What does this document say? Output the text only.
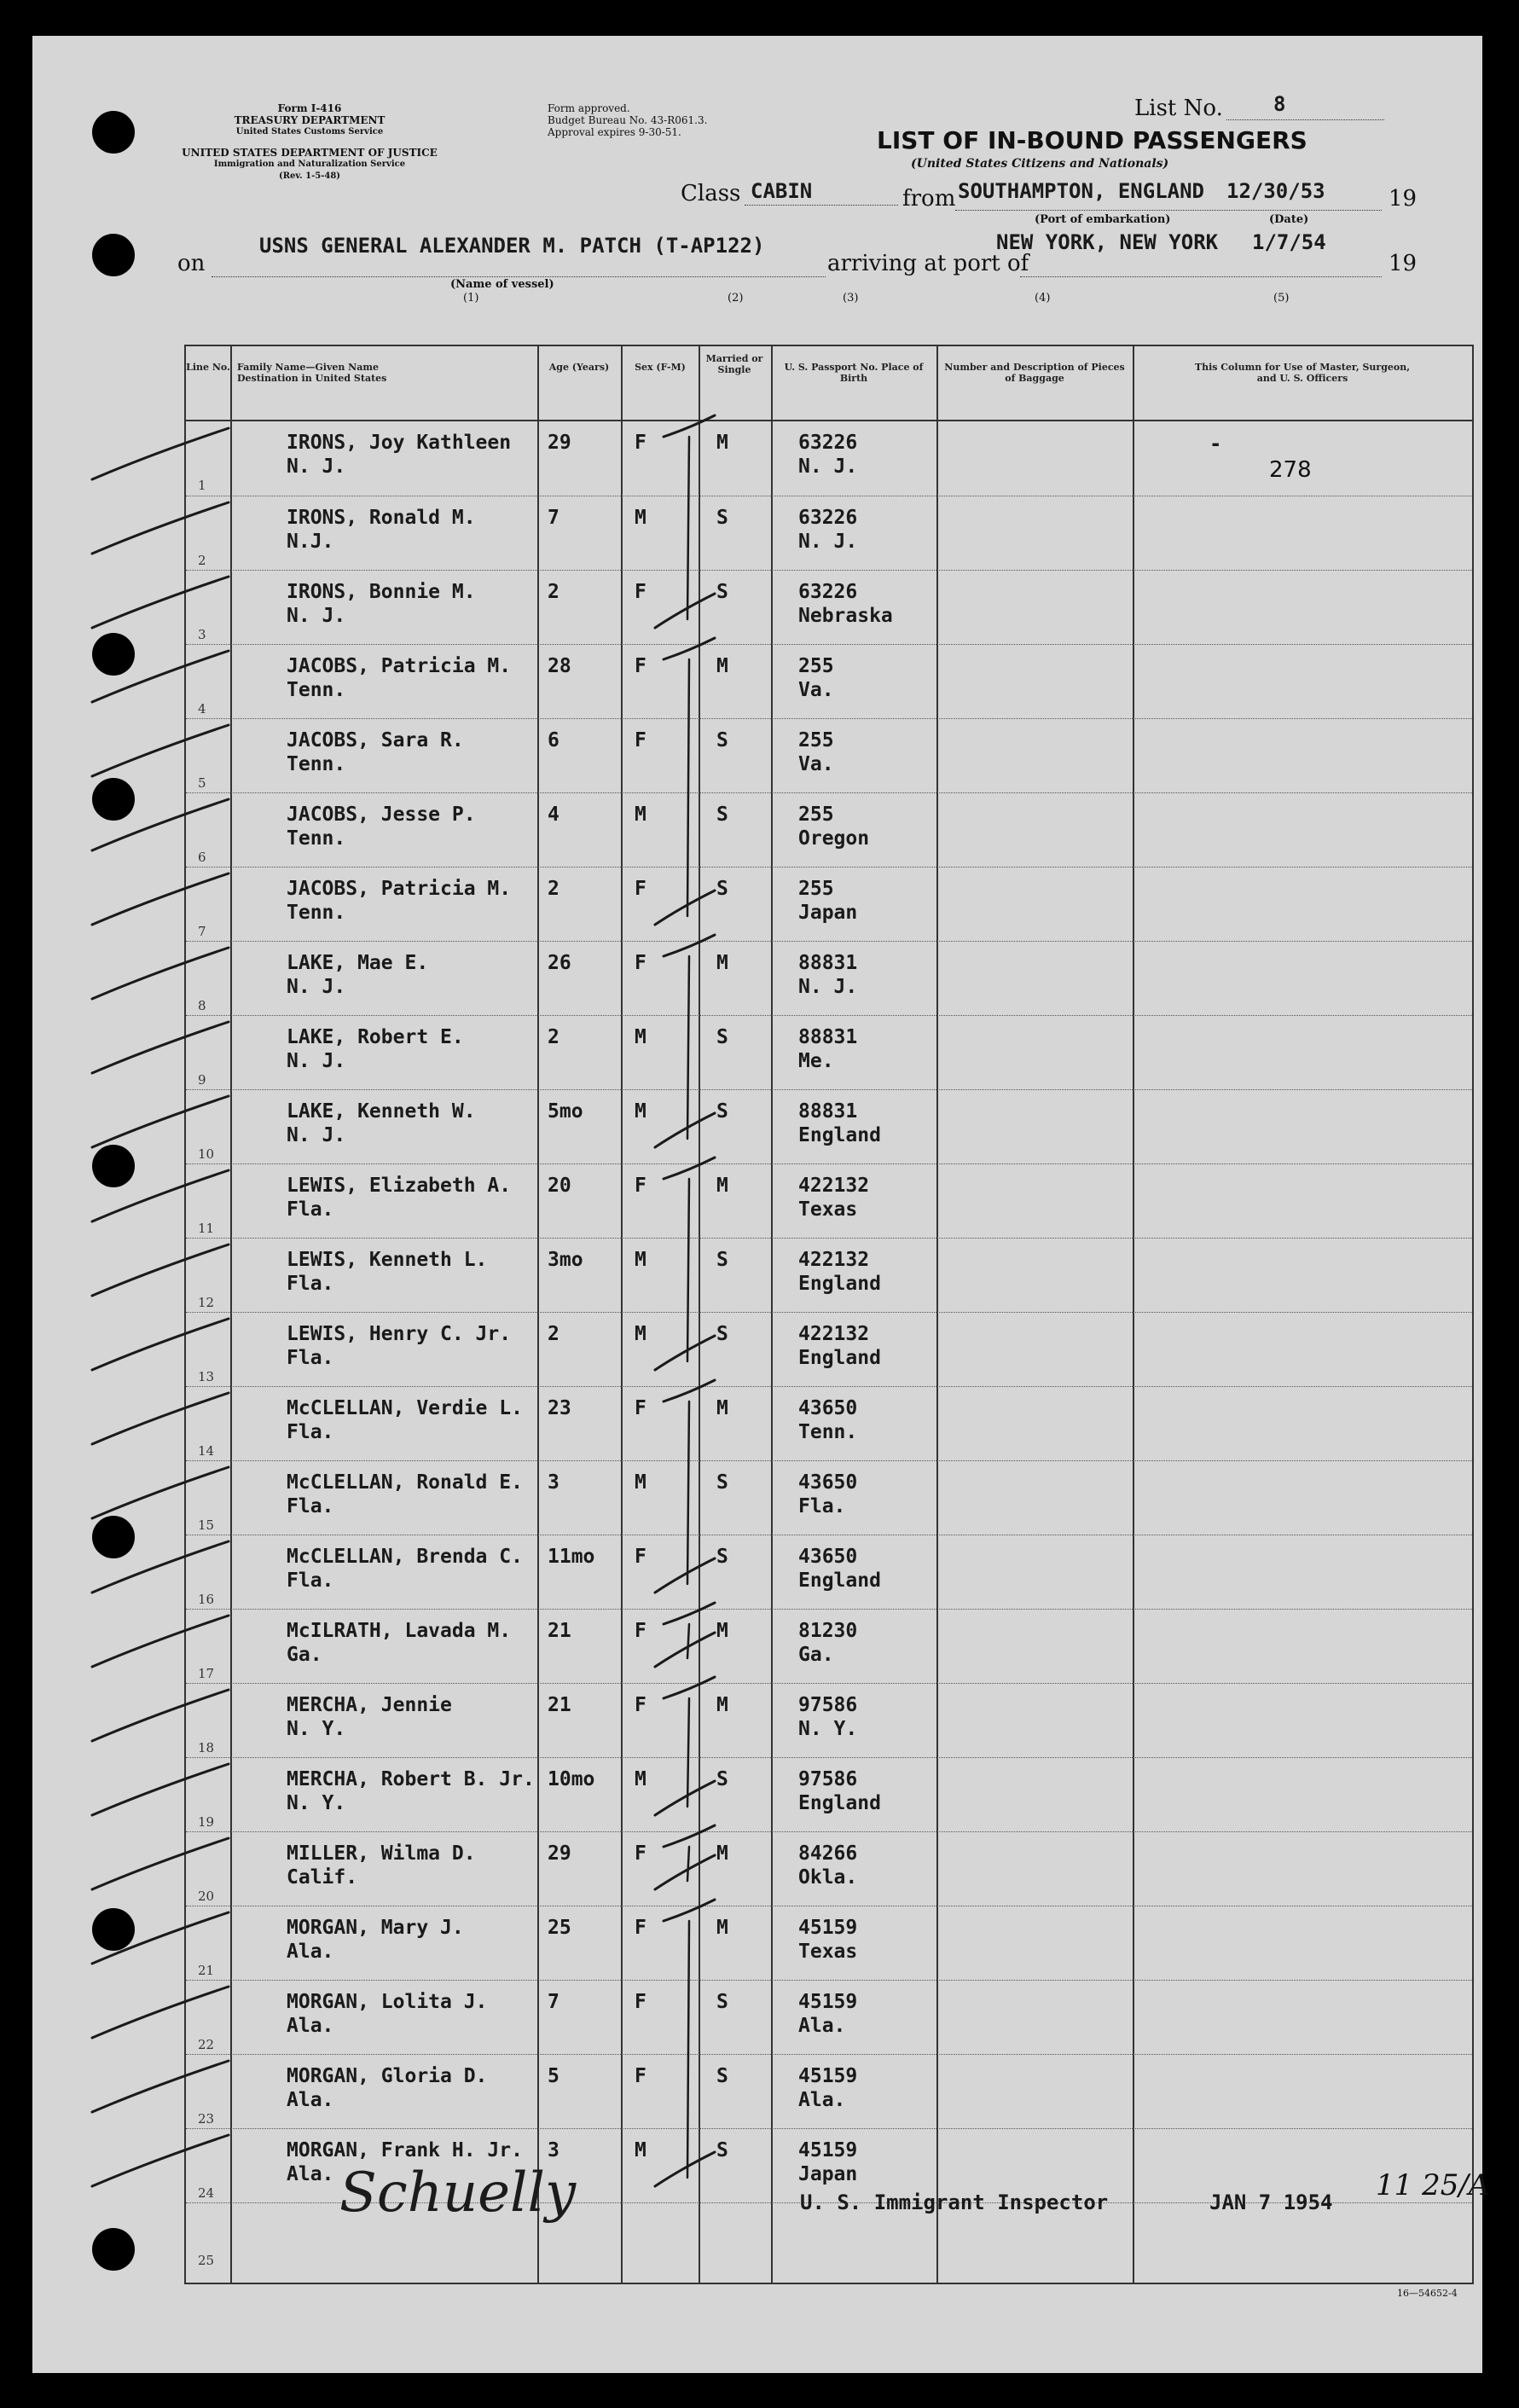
Form I-416
TREASURY DEPARTMENT
United States Customs Service
UNITED STATES DEPARTMENT OF JUSTICE
Immigration and Naturalization Service
(Rev. 1-5-48)
Form approved.
Budget Bureau No. 43-R061.3.
Approval expires 9-30-51.
List No. 8
LIST OF IN-BOUND PASSENGERS
(United States Citizens and Nationals)
Class CABIN	from SOUTHAMPTON, ENGLAND 12/30/53	19
(Port of embarkation)	(Date)
on
USNS GENERAL ALEXANDER M. PATCH (T-AP122)
arriving at port of
NEW YORK, NEW YORK 1/7/54
19
(Name of vessel)
(1)	(2)	(3)	(4)	(5)
Line No. Family Name—Given Name Destination in United States
Age (Years)	Sex (F-M)
Married or Single	U. S. Passport No. Place of Birth
Number and Description of Pieces of Baggage
This Column for Use of Master, Surgeon, and U. S. Officers
-
278
1
IRONS, Joy Kathleen
N. J.
29	F	M	63226
N. J.
2
IRONS, Ronald M.
N.J.
7	M	S	63226
N. J.
3
IRONS, Bonnie M.
N. J.
2	F	S	63226
Nebraska
4
JACOBS, Patricia M.
Tenn.
28	F	M	255
Va.
5
JACOBS, Sara R.
Tenn.
6	F	S	255
Va.
6
JACOBS, Jesse P.
Tenn.
4	M	S	255
Oregon
7
JACOBS, Patricia M.
Tenn.
2	F	S	255
Japan
8
LAKE, Mae E.
N. J.
26	F	M	88831
N. J.
9
LAKE, Robert E.
N. J.
2	M	S	88831
Me.
10
LAKE, Kenneth W.
N. J.
5mo	M	S	88831
England
11
LEWIS, Elizabeth A.
Fla.
20	F	M	422132
Texas
12
LEWIS, Kenneth L.
Fla.
3mo	M	S	422132
England
13
LEWIS, Henry C. Jr.
Fla.
2	M	S	422132
England
14
McCLELLAN, Verdie L.
Fla.
23	F	M	43650
Tenn.
15
McCLELLAN, Ronald E.
Fla.
3	M	S	43650
Fla.
16
McCLELLAN, Brenda C.
Fla.
11mo F	S	43650
England
17
McILRATH, Lavada M.
Ga.
21	F	M	81230
Ga.
18
MERCHA, Jennie
N. Y.
21	F	M	97586
N. Y.
19
MERCHA, Robert B. Jr.
N. Y.
10mo M	S	97586
England
20
MILLER, Wilma D.
Calif.
29	F	M	84266
Okla.
21
MORGAN, Mary J.
Ala.
25	F	M	45159
Texas
22
MORGAN, Lolita J.
Ala.
7	F	S	45159
Ala.
23
MORGAN, Gloria D.
Ala.
5	F	S	45159
Ala.
24
MORGAN, Frank H. Jr.
Ala.
3	M	S	45159
Japan
25
U. S. Immigrant Inspector	JAN 7 1954 11 25/A
Schuelly
16—54652-4
